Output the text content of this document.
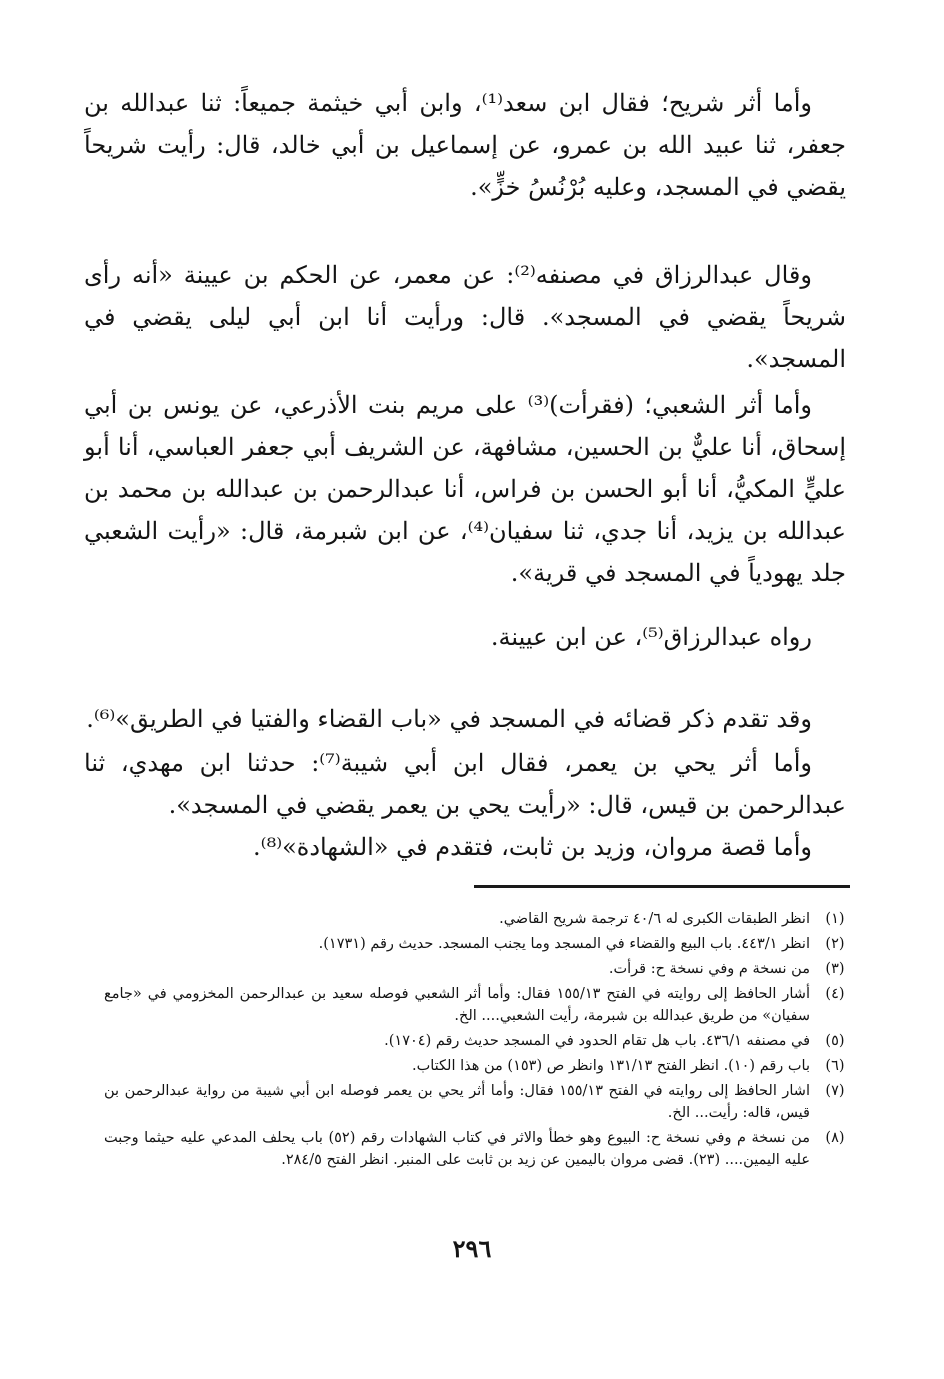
وأما أثر شريح؛ فقال ابن سعد⁽¹⁾، وابن أبي خيثمة جميعاً: ثنا عبدالله بن جعفر، ثنا عبيد الله بن عمرو، عن إسماعيل بن أبي خالد، قال: رأيت شريحاً يقضي في المسجد، وعليه بُرْنُسُ خزٍّ».

وقال عبدالرزاق في مصنفه⁽²⁾: عن معمر، عن الحكم بن عيينة «أنه رأى شريحاً يقضي في المسجد». قال: ورأيت أنا ابن أبي ليلى يقضي في المسجد».

وأما أثر الشعبي؛ (فقرأت)⁽³⁾ على مريم بنت الأذرعي، عن يونس بن أبي إسحاق، أنا عليٌّ بن الحسين، مشافهة، عن الشريف أبي جعفر العباسي، أنا أبو عليٍّ المكيُّ، أنا أبو الحسن بن فراس، أنا عبدالرحمن بن عبدالله بن محمد بن عبدالله بن يزيد، أنا جدي، ثنا سفيان⁽⁴⁾، عن ابن شبرمة، قال: «رأيت الشعبي جلد يهودياً في المسجد في قرية».

رواه عبدالرزاق⁽⁵⁾، عن ابن عيينة.

وقد تقدم ذكر قضائه في المسجد في «باب القضاء والفتيا في الطريق»⁽⁶⁾.

وأما أثر يحي بن يعمر، فقال ابن أبي شيبة⁽⁷⁾: حدثنا ابن مهدي، ثنا عبدالرحمن بن قيس، قال: «رأيت يحي بن يعمر يقضي في المسجد».

وأما قصة مروان، وزيد بن ثابت، فتقدم في «الشهادة»⁽⁸⁾.

(١)
انظر الطبقات الكبرى له ٤٠/٦ ترجمة شريح القاضي.
(٢)
انظر ٤٤٣/١. باب البيع والقضاء في المسجد وما يجنب المسجد. حديث رقم (١٧٣١).
(٣)
من نسخة م وفي نسخة ح: قرأت.
(٤)
أشار الحافظ إلى روايته في الفتح ١٥٥/١٣ فقال: وأما أثر الشعبي فوصله سعيد بن عبدالرحمن المخزومي في «جامع سفيان» من طريق عبدالله بن شبرمة، رأيت الشعبي.... الخ.
(٥)
في مصنفه ٤٣٦/١. باب هل تقام الحدود في المسجد حديث رقم (١٧٠٤).
(٦)
باب رقم (١٠). انظر الفتح ١٣١/١٣ وانظر ص (١٥٣) من هذا الكتاب.
(٧)
اشار الحافظ إلى روايته في الفتح ١٥٥/١٣ فقال: وأما أثر يحي بن يعمر فوصله ابن أبي شيبة من رواية عبدالرحمن بن قيس، قاله: رأيت... الخ.
(٨)
من نسخة م وفي نسخة ح: البيوع وهو خطأ والاثر في كتاب الشهادات رقم (٥٢) باب يحلف المدعي عليه حيثما وجبت عليه اليمين.... (٢٣). قضى مروان باليمين عن زيد بن ثابت على المنبر. انظر الفتح ٢٨٤/٥.
٢٩٦
